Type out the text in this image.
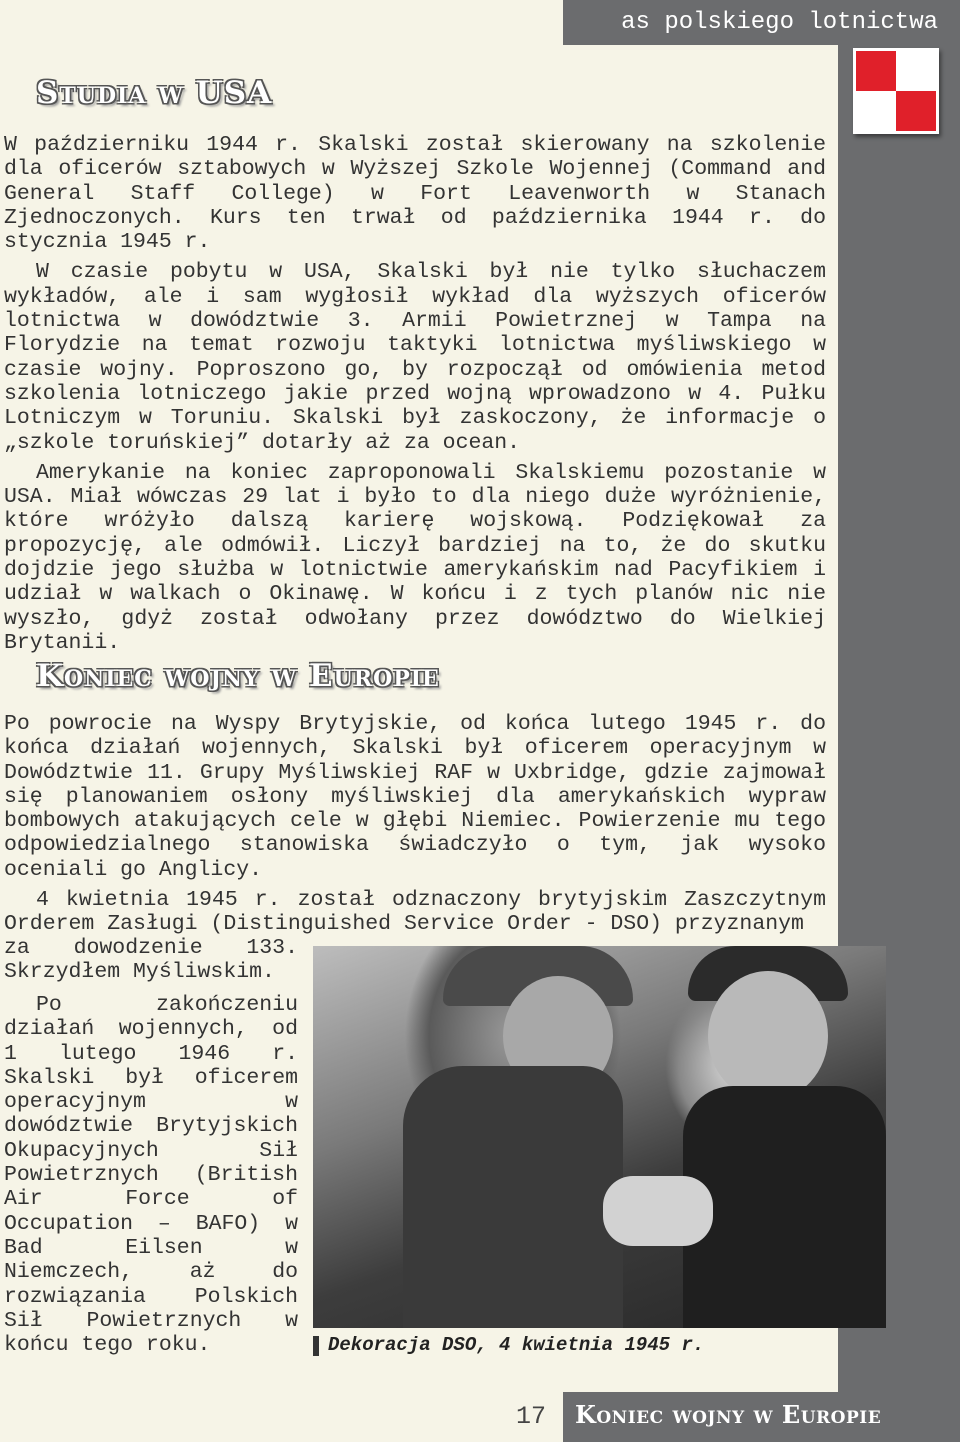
as polskiego lotnictwa
Studia w USA

W październiku 1944 r. Skalski został skierowany na szkolenie dla oficerów sztabowych w Wyższej Szkole Wojennej (Command and General Staff College) w Fort Leavenworth w Stanach Zjednoczonych. Kurs ten trwał od października 1944 r. do stycznia 1945 r.

W czasie pobytu w USA, Skalski był nie tylko słuchaczem wykładów, ale i sam wygłosił wykład dla wyższych oficerów lotnictwa w dowództwie 3. Armii Powietrznej w Tampa na Florydzie na temat rozwoju taktyki lotnictwa myśliwskiego w czasie wojny. Poproszono go, by rozpoczął od omówienia metod szkolenia lotniczego jakie przed wojną wprowadzono w 4. Pułku Lotniczym w Toruniu. Skalski był zaskoczony, że informacje o „szkole toruńskiej” dotarły aż za ocean.

Amerykanie na koniec zaproponowali Skalskiemu pozostanie w USA. Miał wówczas 29 lat i było to dla niego duże wyróżnienie, które wróżyło dalszą karierę wojskową. Podziękował za propozycję, ale odmówił. Liczył bardziej na to, że do skutku dojdzie jego służba w lotnictwie amerykańskim nad Pacyfikiem i udział w walkach o Okinawę. W końcu i z tych planów nic nie wyszło, gdyż został odwołany przez dowództwo do Wielkiej Brytanii.

Koniec wojny w Europie

Po powrocie na Wyspy Brytyjskie, od końca lutego 1945 r. do końca działań wojennych, Skalski był oficerem operacyjnym w Dowództwie 11. Grupy Myśliwskiej RAF w Uxbridge, gdzie zajmował się planowaniem osłony myśliwskiej dla amerykańskich wypraw bombowych atakujących cele w głębi Niemiec. Powierzenie mu tego odpowiedzialnego stanowiska świadczyło o tym, jak wysoko oceniali go Anglicy.

4 kwietnia 1945 r. został odznaczony brytyjskim Zaszczytnym Orderem Zasługi (Distinguished Service Order - DSO) przyznanym

za dowodzenie 133. Skrzydłem Myśliwskim.

Po zakończeniu działań wojennych, od 1 lutego 1946 r. Skalski był oficerem operacyjnym w dowództwie Brytyjskich Okupacyjnych Sił Powietrznych (British Air Force of Occupation – BAFO) w Bad Eilsen w Niemczech, aż do rozwiązania Polskich Sił Powietrznych w końcu tego roku.	Dekoracja DSO, 4 kwietnia 1945 r.
17 Koniec wojny w Europie
